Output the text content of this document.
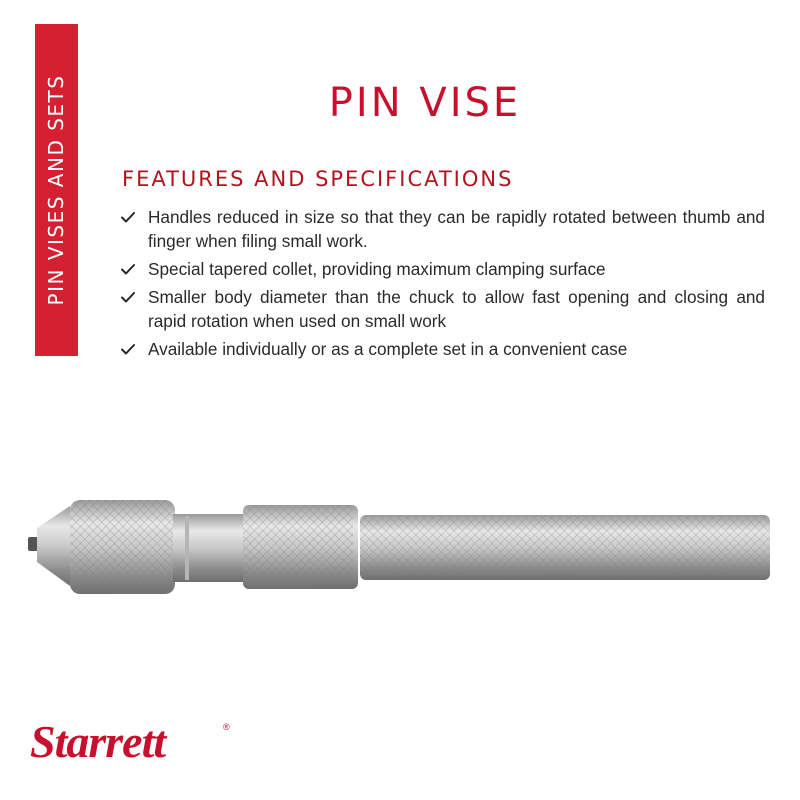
PIN VISES AND SETS	PIN VISE
FEATURES AND SPECIFICATIONS
Handles reduced in size so that they can be rapidly rotated between thumb and finger when filing small work.
Special tapered collet, providing maximum clamping surface
Smaller body diameter than the chuck to allow fast opening and closing and rapid rotation when used on small work
Available individually or as a complete set in a convenient case
Starrett	®
